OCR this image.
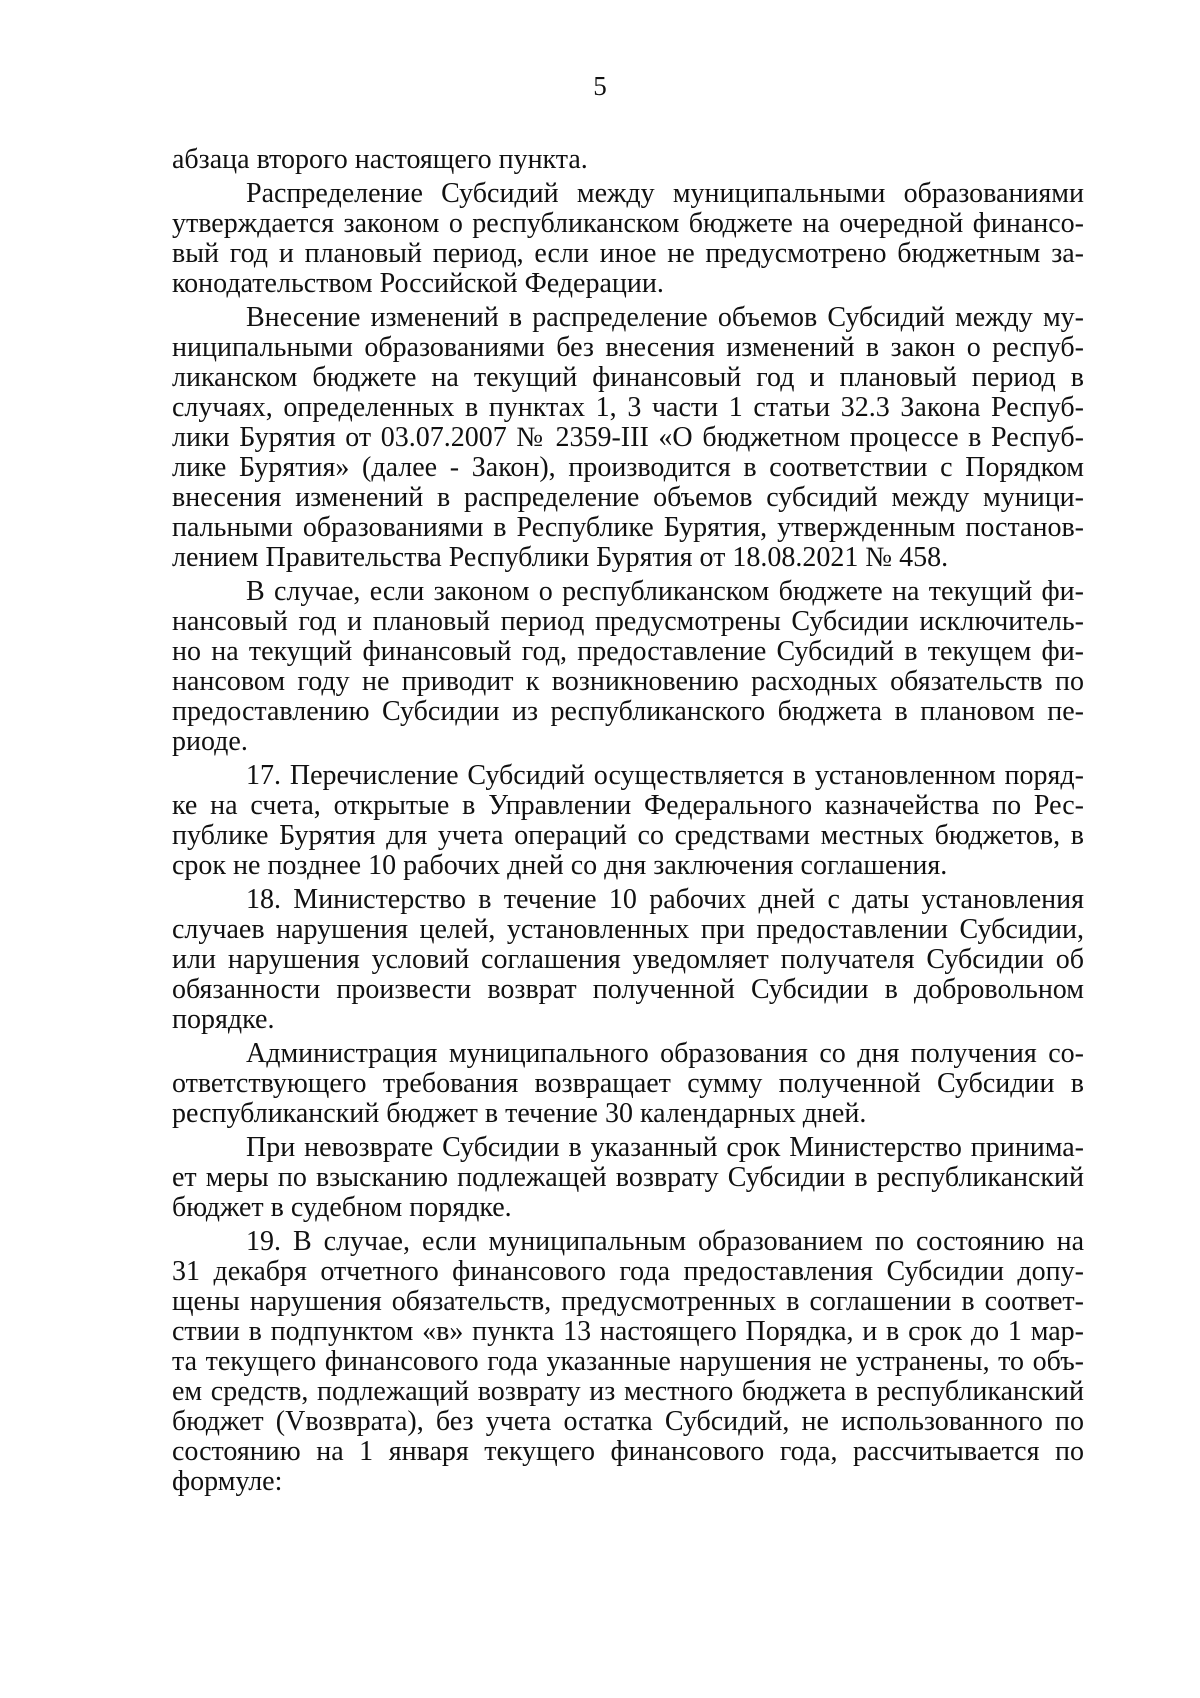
5
абзаца второго настоящего пункта.
Распределение Субсидий между муниципальными образованиями
утверждается законом о республиканском бюджете на очередной финансо-
вый год и плановый период, если иное не предусмотрено бюджетным за-
конодательством Российской Федерации.
Внесение изменений в распределение объемов Субсидий между му-
ниципальными образованиями без внесения изменений в закон о респуб-
ликанском бюджете на текущий финансовый год и плановый период в
случаях, определенных в пунктах 1, 3 части 1 статьи 32.3 Закона Респуб-
лики Бурятия от 03.07.2007 № 2359-III «О бюджетном процессе в Респуб-
лике Бурятия» (далее - Закон), производится в соответствии с Порядком
внесения изменений в распределение объемов субсидий между муници-
пальными образованиями в Республике Бурятия, утвержденным постанов-
лением Правительства Республики Бурятия от 18.08.2021 № 458.
В случае, если законом о республиканском бюджете на текущий фи-
нансовый год и плановый период предусмотрены Субсидии исключитель-
но на текущий финансовый год, предоставление Субсидий в текущем фи-
нансовом году не приводит к возникновению расходных обязательств по
предоставлению Субсидии из республиканского бюджета в плановом пе-
риоде.
17. Перечисление Субсидий осуществляется в установленном поряд-
ке на счета, открытые в Управлении Федерального казначейства по Рес-
публике Бурятия для учета операций со средствами местных бюджетов, в
срок не позднее 10 рабочих дней со дня заключения соглашения.
18. Министерство в течение 10 рабочих дней с даты установления
случаев нарушения целей, установленных при предоставлении Субсидии,
или нарушения условий соглашения уведомляет получателя Субсидии об
обязанности произвести возврат полученной Субсидии в добровольном
порядке.
Администрация муниципального образования со дня получения со-
ответствующего требования возвращает сумму полученной Субсидии в
республиканский бюджет в течение 30 календарных дней.
При невозврате Субсидии в указанный срок Министерство принима-
ет меры по взысканию подлежащей возврату Субсидии в республиканский
бюджет в судебном порядке.
19. В случае, если муниципальным образованием по состоянию на
31 декабря отчетного финансового года предоставления Субсидии допу-
щены нарушения обязательств, предусмотренных в соглашении в соответ-
ствии в подпунктом «в» пункта 13 настоящего Порядка, и в срок до 1 мар-
та текущего финансового года указанные нарушения не устранены, то объ-
ем средств, подлежащий возврату из местного бюджета в республиканский
бюджет (Vвозврата), без учета остатка Субсидий, не использованного по
состоянию на 1 января текущего финансового года, рассчитывается по
формуле:
